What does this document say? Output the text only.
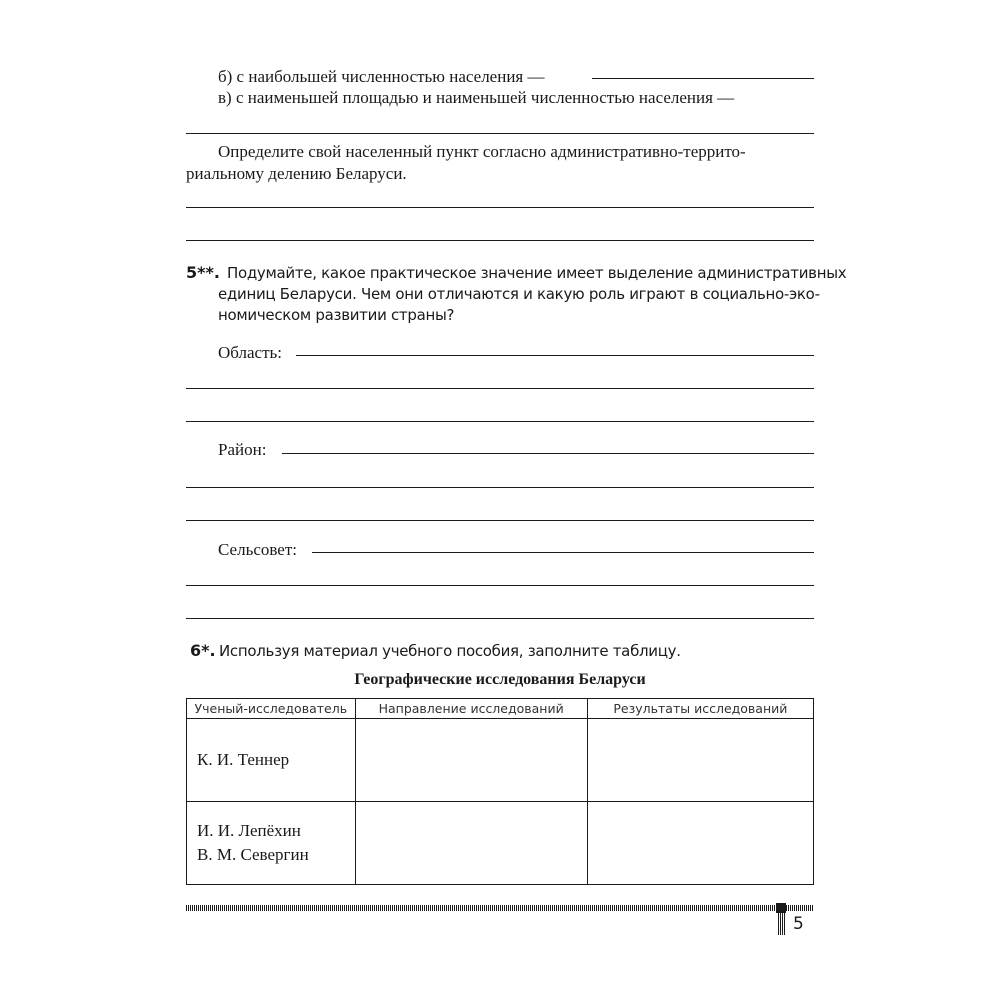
б) с наибольшей численностью населения —
в) с наименьшей площадью и наименьшей численностью населения —
Определите свой населенный пункт согласно административно-террито-
риальному делению Беларуси.
5**. Подумайте, какое практическое значение имеет выделение административных
единиц Беларуси. Чем они отличаются и какую роль играют в социально-эко-
номическом развитии страны?
Область:
Район:
Сельсовет:
6*. Используя материал учебного пособия, заполните таблицу.
Географические исследования Беларуси
Ученый-исследователь	Направление исследований	Результаты исследований

К. И. Теннер		

И. И. Лепёхин
В. М. Севергин		

5
